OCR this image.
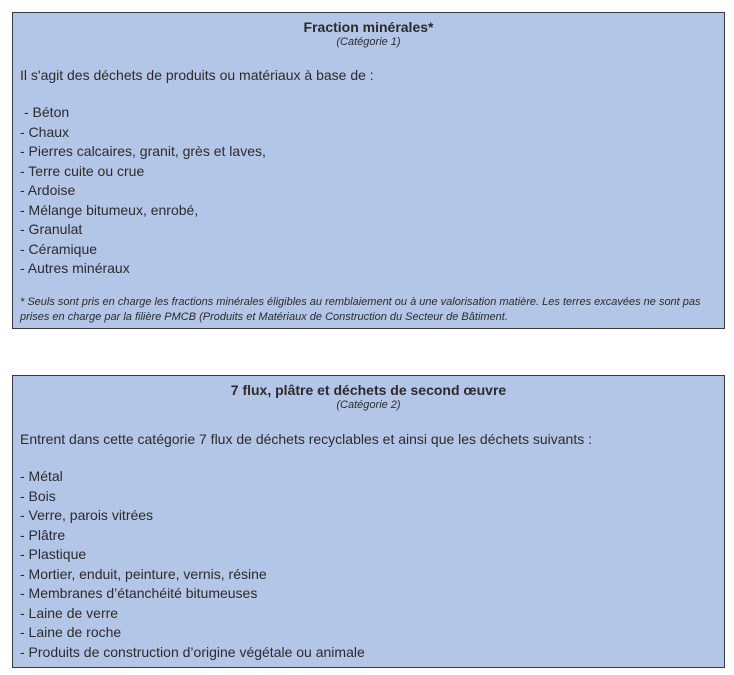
Fraction minérales*
(Catégorie 1)
Il s'agit des déchets de produits ou matériaux à base de :
- Béton
- Chaux
- Pierres calcaires, granit, grès et laves,
- Terre cuite ou crue
- Ardoise
- Mélange bitumeux, enrobé,
- Granulat
- Céramique
- Autres minéraux
* Seuls sont pris en charge les fractions minérales éligibles au remblaiement ou à une valorisation matière. Les terres excavées ne sont pas prises en charge par la filière PMCB (Produits et Matériaux de Construction du Secteur de Bâtiment.
7 flux, plâtre et déchets de second œuvre
(Catégorie 2)
Entrent dans cette catégorie 7 flux de déchets recyclables et ainsi que les déchets suivants :
- Métal
- Bois
- Verre, parois vitrées
- Plâtre
- Plastique
- Mortier, enduit, peinture, vernis, résine
- Membranes d’étanchéité bitumeuses
- Laine de verre
- Laine de roche
- Produits de construction d’origine végétale ou animale
